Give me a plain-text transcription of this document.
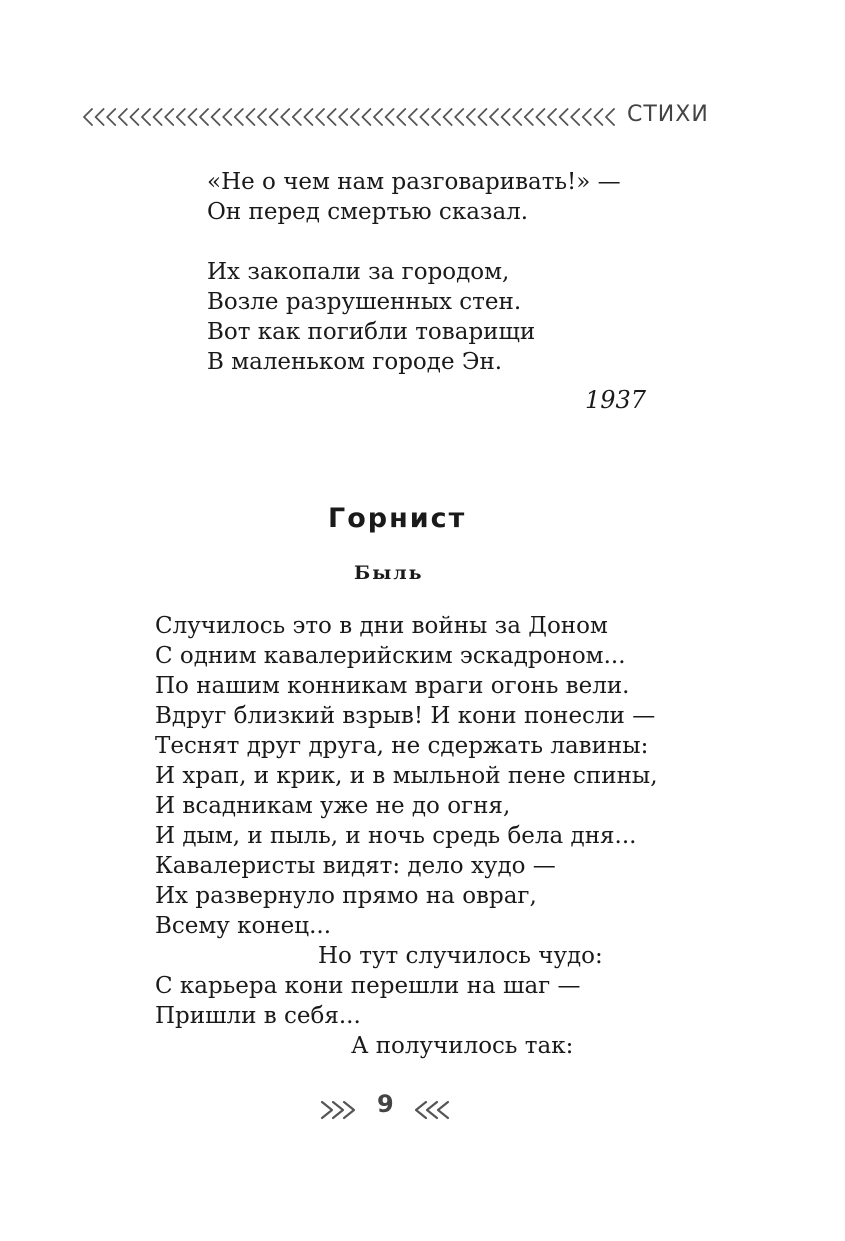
СТИХИ
«Не о чем нам разговаривать!» —
Он перед смертью сказал.
Их закопали за городом,
Возле разрушенных стен.
Вот как погибли товарищи
В маленьком городе Эн.
1937
Горнист
Быль
Случилось это в дни войны за Доном
С одним кавалерийским эскадроном...
По нашим конникам враги огонь вели.
Вдруг близкий взрыв! И кони понесли —
Теснят друг друга, не сдержать лавины:
И храп, и крик, и в мыльной пене спины,
И всадникам уже не до огня,
И дым, и пыль, и ночь средь бела дня...
Кавалеристы видят: дело худо —
Их развернуло прямо на овраг,
Всему конец...
Но тут случилось чудо:
С карьера кони перешли на шаг —
Пришли в себя...
А получилось так:
9
